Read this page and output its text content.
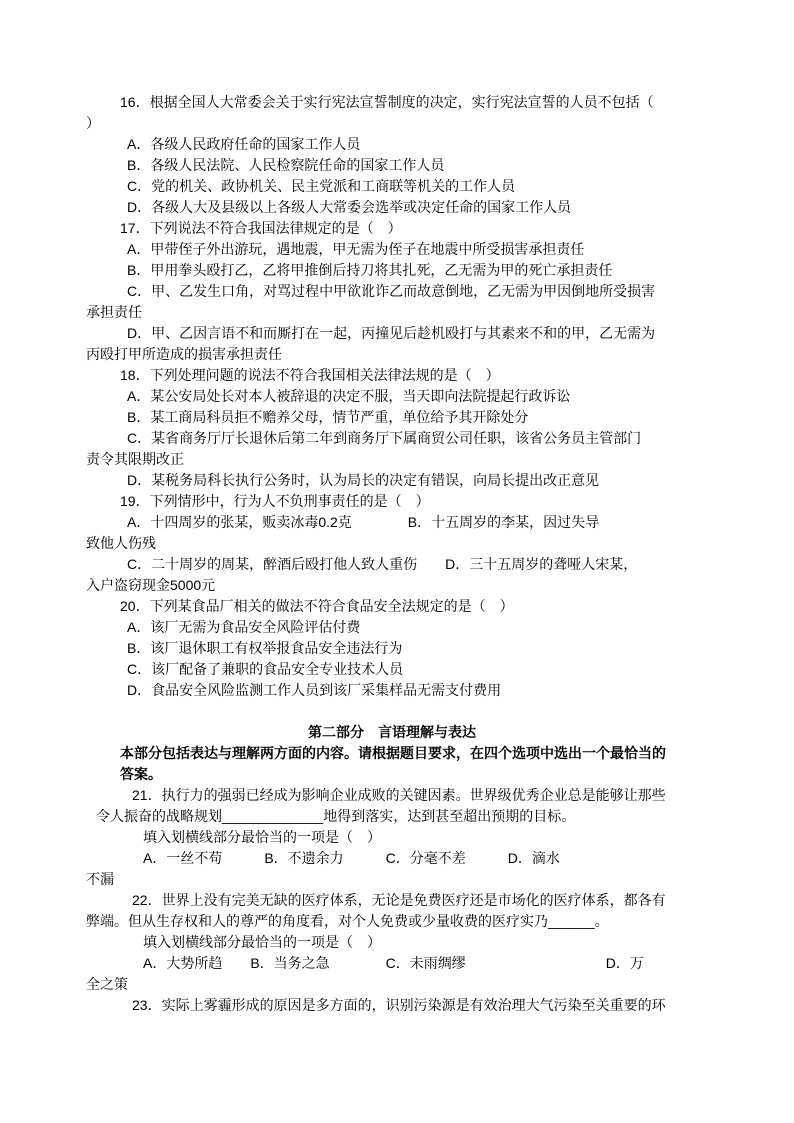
16．根据全国人大常委会关于实行宪法宣誓制度的决定，实行宪法宣誓的人员不包括（
）
A．各级人民政府任命的国家工作人员
B．各级人民法院、人民检察院任命的国家工作人员
C．党的机关、政协机关、民主党派和工商联等机关的工作人员
D．各级人大及县级以上各级人大常委会选举或决定任命的国家工作人员
17．下列说法不符合我国法律规定的是（　）
A．甲带侄子外出游玩，遇地震，甲无需为侄子在地震中所受损害承担责任
B．甲用拳头殴打乙，乙将甲推倒后持刀将其扎死，乙无需为甲的死亡承担责任
C．甲、乙发生口角，对骂过程中甲欲讹诈乙而故意倒地，乙无需为甲因倒地所受损害
承担责任
D．甲、乙因言语不和而厮打在一起，丙撞见后趁机殴打与其素来不和的甲，乙无需为
丙殴打甲所造成的损害承担责任
18．下列处理问题的说法不符合我国相关法律法规的是（　）
A．某公安局处长对本人被辞退的决定不服，当天即向法院提起行政诉讼
B．某工商局科员拒不赡养父母，情节严重，单位给予其开除处分
C．某省商务厅厅长退休后第二年到商务厅下属商贸公司任职，该省公务员主管部门
责令其限期改正
D．某税务局科长执行公务时，认为局长的决定有错误，向局长提出改正意见
19．下列情形中，行为人不负刑事责任的是（　）
A．十四周岁的张某，贩卖冰毒0.2克　　　　B．十五周岁的李某，因过失导
致他人伤残
C．二十周岁的周某，醉酒后殴打他人致人重伤　　D．三十五周岁的聋哑人宋某，
入户盗窃现金5000元
20．下列某食品厂相关的做法不符合食品安全法规定的是（　）
A．该厂无需为食品安全风险评估付费
B．该厂退休职工有权举报食品安全违法行为
C．该厂配备了兼职的食品安全专业技术人员
D．食品安全风险监测工作人员到该厂采集样品无需支付费用
第二部分　言语理解与表达
本部分包括表达与理解两方面的内容。请根据题目要求，在四个选项中选出一个最恰当的
答案。
21．执行力的强弱已经成为影响企业成败的关键因素。世界级优秀企业总是能够让那些
令人振奋的战略规划_____________地得到落实，达到甚至超出预期的目标。
填入划横线部分最恰当的一项是（　）
A．一丝不苟　　　B．不遗余力　　　C．分毫不差　　　D．滴水
不漏
22．世界上没有完美无缺的医疗体系，无论是免费医疗还是市场化的医疗体系，都各有
弊端。但从生存权和人的尊严的角度看，对个人免费或少量收费的医疗实乃______。
填入划横线部分最恰当的一项是（　）
A．大势所趋　　B．当务之急　　　　C．未雨绸缪　　　　　　　　　　D．万
全之策
23．实际上雾霾形成的原因是多方面的，识别污染源是有效治理大气污染至关重要的环
